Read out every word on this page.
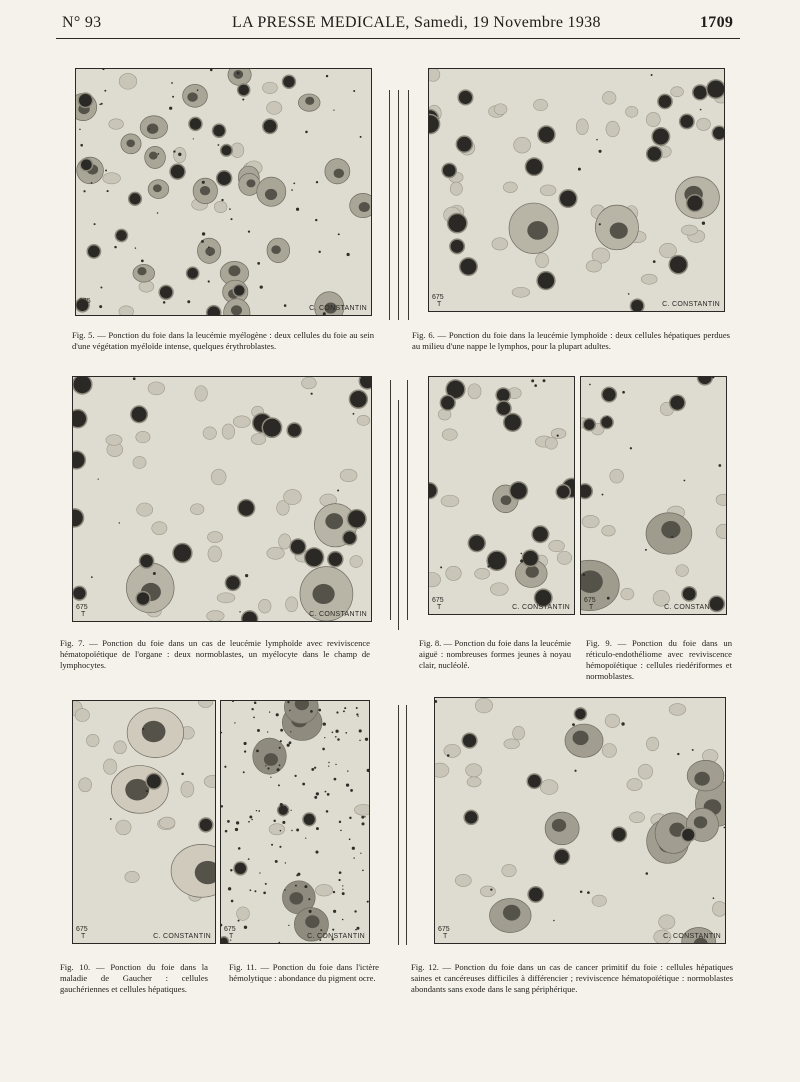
N° 93	LA PRESSE MEDICALE, Samedi, 19 Novembre 1938	1709
675
T	C. CONSTANTIN
675
T	C. CONSTANTIN
675
T	C. CONSTANTIN
675
T	C. CONSTANTIN
675
T	C. CONSTANTIN
675
T	C. CONSTANTIN
675
T	C. CONSTANTIN
675
T	C. CONSTANTIN

Fig. 5. — Ponction du foie dans la leucémie myélogène : deux cellules du foie au sein d'une végétation myéloïde intense, quelques érythroblastes.

Fig. 6. — Ponction du foie dans la leucémie lymphoïde : deux cellules hépatiques perdues au milieu d'une nappe le lymphos, pour la plupart adultes.

Fig. 7. — Ponction du foie dans un cas de leucémie lymphoïde avec reviviscence hématopoïétique de l'organe : deux normoblastes, un myélocyte dans le champ de lymphocytes.

Fig. 8. — Ponction du foie dans la leucémie aiguë : nombreuses formes jeunes à noyau clair, nucléolé.

Fig. 9. — Ponction du foie dans un réticulo-endothéliome avec reviviscence hémopoïétique : cellules riedériformes et normoblastes.

Fig. 10. — Ponction du foie dans la maladie de Gaucher : cellules gauchériennes et cellules hépatiques.

Fig. 11. — Ponction du foie dans l'ictère hémolytique : abondance du pigment ocre.

Fig. 12. — Ponction du foie dans un cas de cancer primitif du foie : cellules hépatiques saines et cancéreuses difficiles à différencier ; reviviscence hématopoïétique : normoblastes abondants sans exode dans le sang périphérique.
